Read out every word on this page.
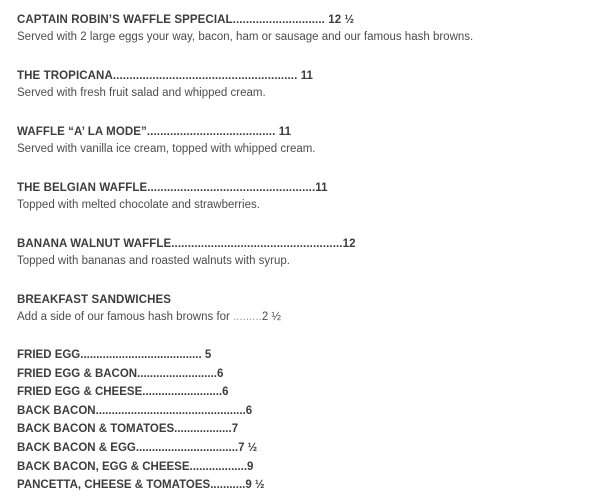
CAPTAIN ROBIN’S WAFFLE SPPECIAL............................ 12 ½
Served with 2 large eggs your way, bacon, ham or sausage and our famous hash browns.
THE TROPICANA........................................................ 11
Served with fresh fruit salad and whipped cream.
WAFFLE “A’ LA MODE”....................................... 11
Served with vanilla ice cream, topped with whipped cream.
THE BELGIAN WAFFLE...................................................11
Topped with melted chocolate and strawberries.
BANANA WALNUT WAFFLE....................................................12
Topped with bananas and roasted walnuts with syrup.
BREAKFAST SANDWICHES
Add a side of our famous hash browns for .........2 ½
FRIED EGG...................................... 5
FRIED EGG & BACON.........................6
FRIED EGG & CHEESE.........................6
BACK BACON...............................................6
BACK BACON & TOMATOES..................7
BACK BACON & EGG................................7 ½
BACK BACON, EGG & CHEESE..................9
PANCETTA, CHEESE & TOMATOES...........9 ½
